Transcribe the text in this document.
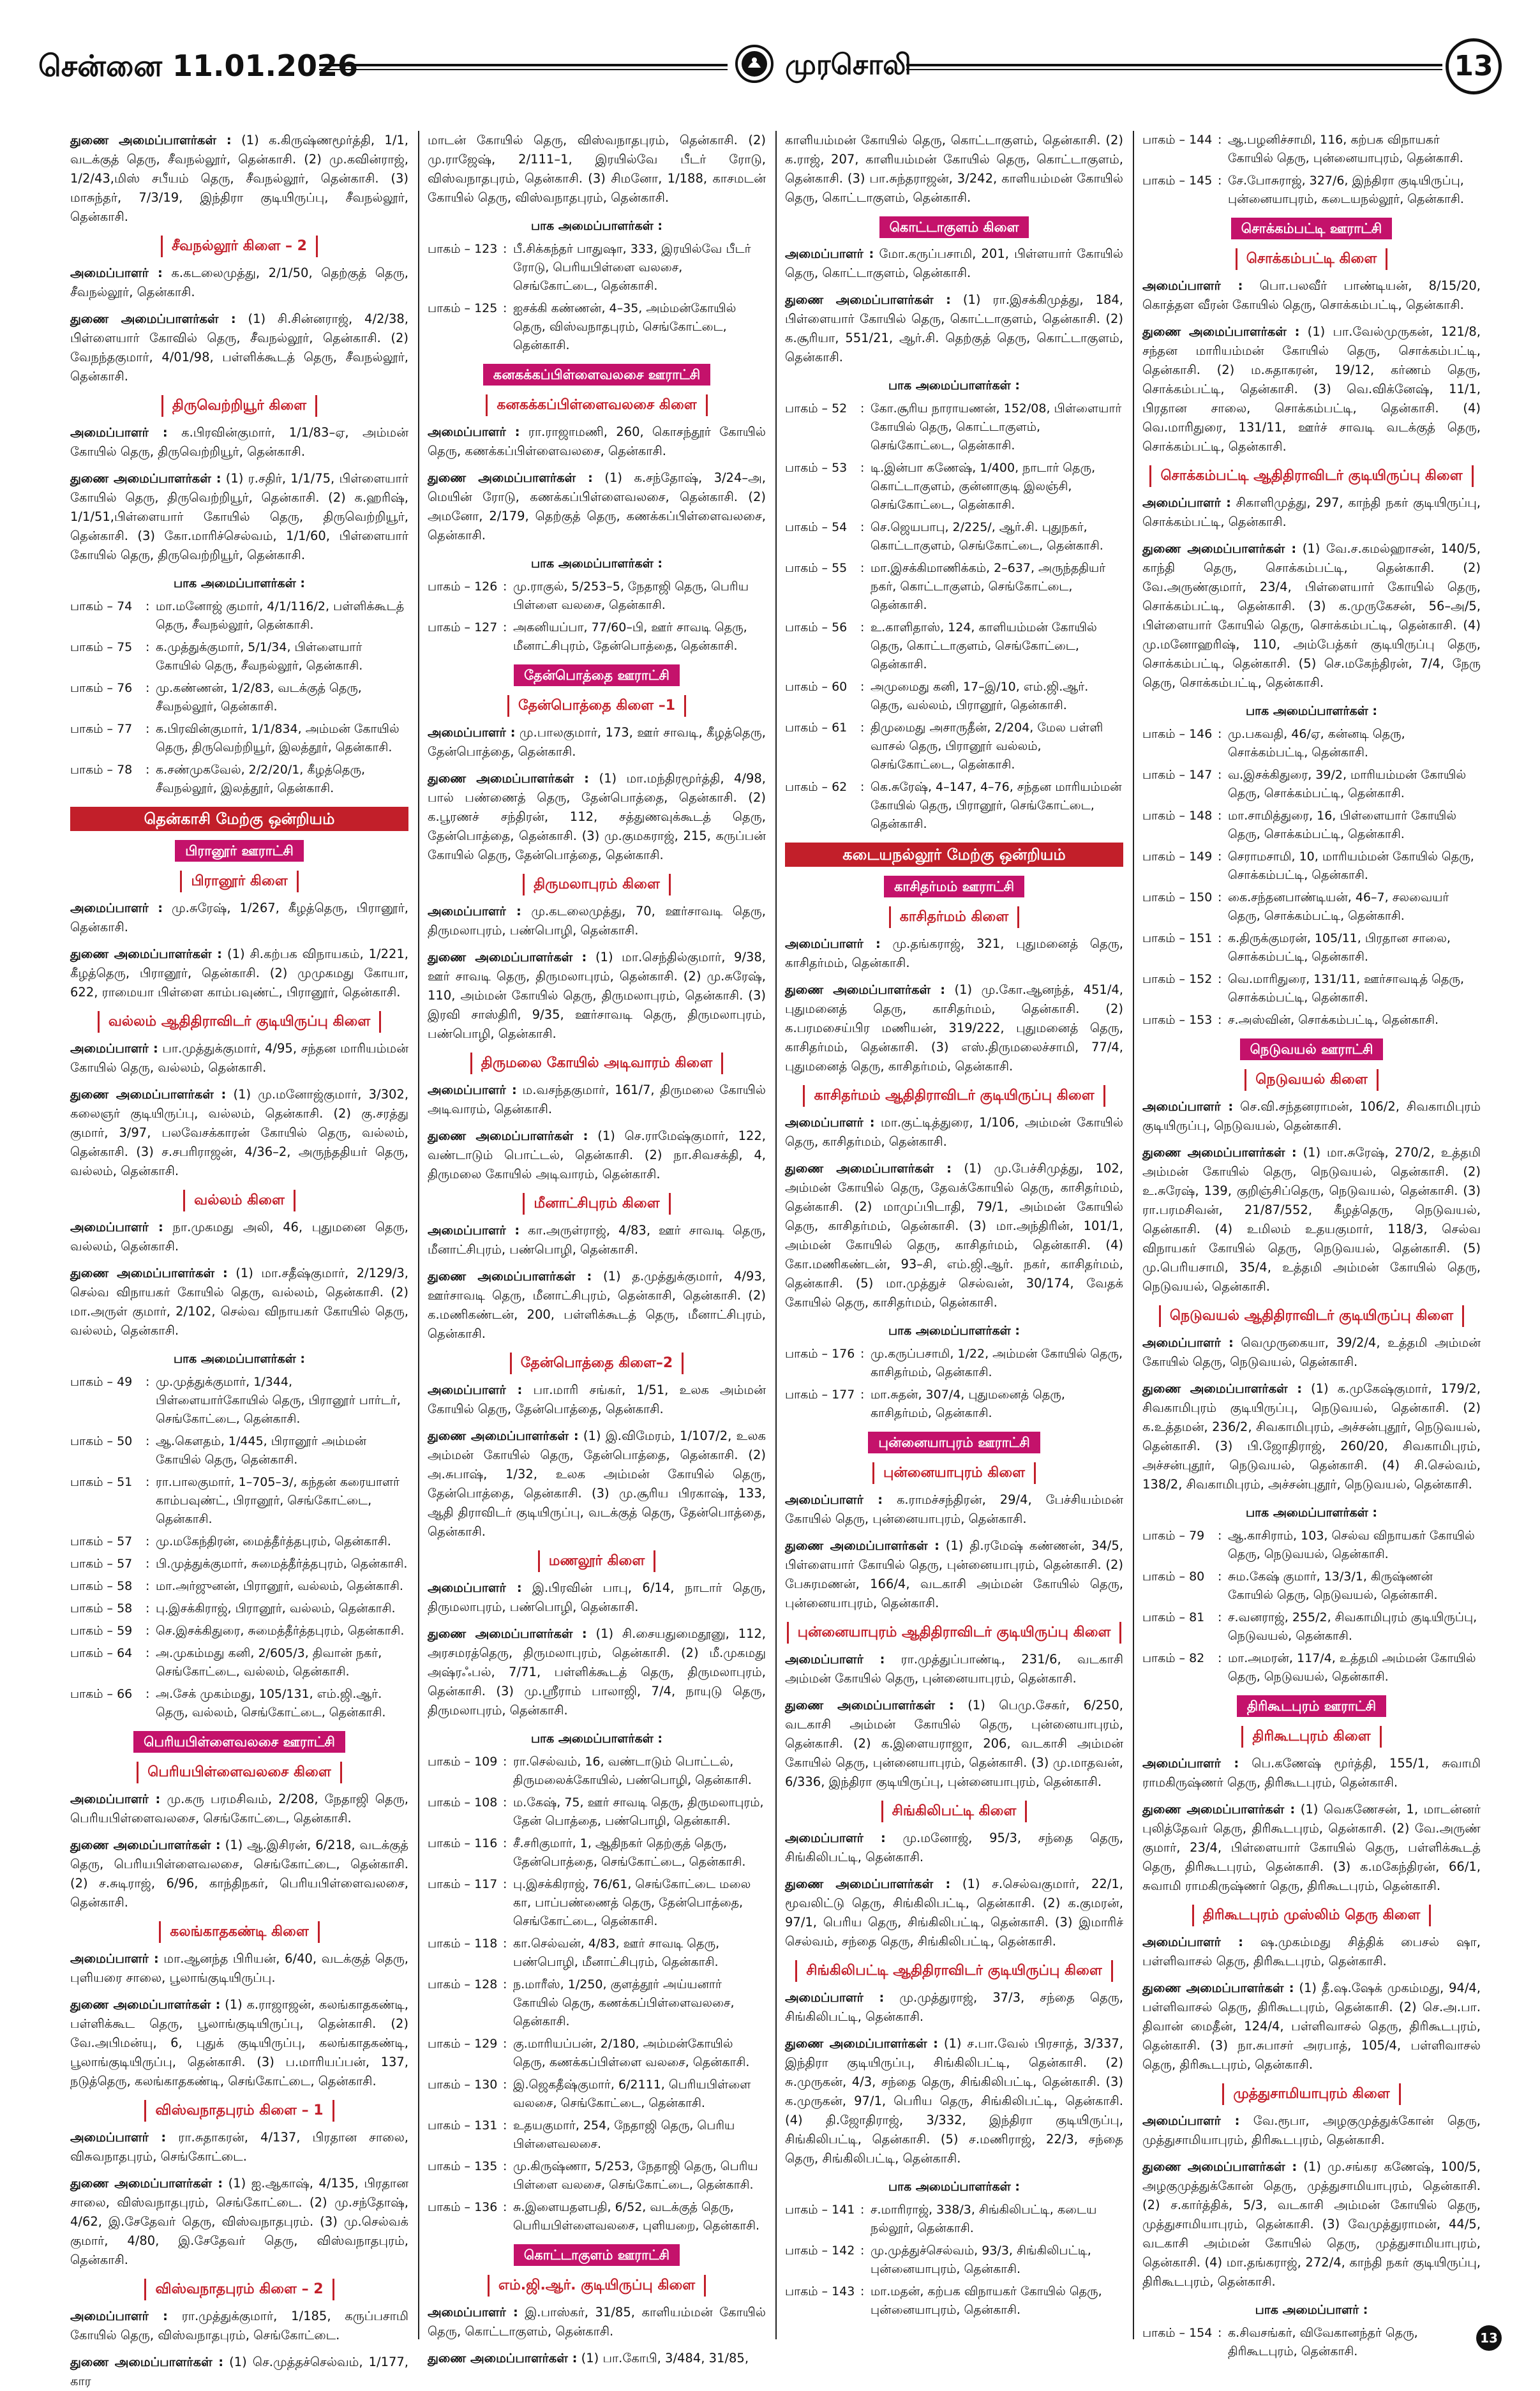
சென்னை 11.01.2026	முரசொலி	13
துணை அமைப்பாளர்கள் : (1) க.கிருஷ்ணமூர்த்தி, 1/1, வடக்குத் தெரு, சீவநல்லூர், தென்காசி. (2) மு.கவின்ராஜ், 1/2/43,மிஸ் சபீயம் தெரு, சீவநல்லூர், தென்காசி. (3) மாசுந்தர், 7/3/19, இந்திரா குடியிருப்பு, சீவநல்லூர், தென்காசி.
சீவநல்லூர் கிளை – 2
அமைப்பாளர் : க.கடலைமுத்து, 2/1/50, தெற்குத் தெரு, சீவநல்லூர், தென்காசி.
துணை அமைப்பாளர்கள் : (1) சி.சின்னராஜ், 4/2/38, பிள்ளையார் கோவில் தெரு, சீவநல்லூர், தென்காசி. (2) வேநந்தகுமார், 4/01/98, பள்ளிக்கூடத் தெரு, சீவநல்லூர், தென்காசி.
திருவெற்றியூர் கிளை
அமைப்பாளர் : க.பிரவின்குமார், 1/1/83–ஏ, அம்மன் கோயில் தெரு, திருவெற்றியூர், தென்காசி.
துணை அமைப்பாளர்கள் : (1) ர.சதிர், 1/1/75, பிள்ளையார் கோயில் தெரு, திருவெற்றியூர், தென்காசி. (2) க.ஹரிஷ், 1/1/51,பிள்ளையார் கோயில் தெரு, திருவெற்றியூர், தென்காசி. (3) கோ.மாரிச்செல்வம், 1/1/60, பிள்ளையார் கோயில் தெரு, திருவெற்றியூர், தென்காசி.
பாக அமைப்பாளர்கள் :
பாகம் – 74	: மா.மனோஜ் குமார், 4/1/116/2, பள்ளிக்கூடத் தெரு, சீவநல்லூர், தென்காசி.
பாகம் – 75	: க.முத்துக்குமார், 5/1/34, பிள்ளையார் கோயில் தெரு, சீவநல்லூர், தென்காசி.
பாகம் – 76	: மு.கண்ணன், 1/2/83, வடக்குத் தெரு, சீவநல்லூர், தென்காசி.
பாகம் – 77	: க.பிரவின்குமார், 1/1/834, அம்மன் கோயில் தெரு, திருவெற்றியூர், இலத்தூர், தென்காசி.
பாகம் – 78	: க.சண்முகவேல், 2/2/20/1, கீழத்தெரு, சீவநல்லூர், இலத்தூர், தென்காசி.
தென்காசி மேற்கு ஒன்றியம்
பிரானூர் ஊராட்சி
பிரானூர் கிளை
அமைப்பாளர் : மு.சுரேஷ், 1/267, கீழத்தெரு, பிரானூர், தென்காசி.
துணை அமைப்பாளர்கள் : (1) சி.கற்பக விநாயகம், 1/221, கீழத்தெரு, பிரானூர், தென்காசி. (2) முமுகமது கோயா, 622, ராமையா பிள்ளை காம்பவுண்ட், பிரானூர், தென்காசி.
வல்லம் ஆதிதிராவிடர் குடியிருப்பு கிளை
அமைப்பாளர் : பா.முத்துக்குமார், 4/95, சந்தன மாரியம்மன் கோயில் தெரு, வல்லம், தென்காசி.
துணை அமைப்பாளர்கள் : (1) மு.மனோஜ்குமார், 3/302, கலைஞர் குடியிருப்பு, வல்லம், தென்காசி. (2) கு.சரத்து குமார், 3/97, பலவேசக்காரன் கோயில் தெரு, வல்லம், தென்காசி. (3) ச.சபரிராஜன், 4/36–2, அருந்ததியர் தெரு, வல்லம், தென்காசி.
வல்லம் கிளை
அமைப்பாளர் : நா.முகமது அலி, 46, புதுமனை தெரு, வல்லம், தென்காசி.
துணை அமைப்பாளர்கள் : (1) மா.சதீஷ்குமார், 2/129/3, செல்வ விநாயகர் கோயில் தெரு, வல்லம், தென்காசி. (2) மா.அருள் குமார், 2/102, செல்வ விநாயகர் கோயில் தெரு, வல்லம், தென்காசி.
பாக அமைப்பாளர்கள் :
பாகம் – 49	: மு.முத்துக்குமார், 1/344, பிள்ளையார்கோயில் தெரு, பிரானூர் பார்டர், செங்கோட்டை, தென்காசி.
பாகம் – 50	: ஆ.கௌதம், 1/445, பிரானூர் அம்மன் கோயில் தெரு, தென்காசி.
பாகம் – 51	: ரா.பாலகுமார், 1–705–3/, கந்தன் கரையாளர் காம்பவுண்ட், பிரானூர், செங்கோட்டை, தென்காசி.
பாகம் – 57	: மு.மகேந்திரன், மைத்தீர்த்தபுரம், தென்காசி.
பாகம் – 57	: பி.முத்துக்குமார், சுமைத்தீர்த்தபுரம், தென்காசி.
பாகம் – 58	: மா.அர்ஜுனன், பிரானூர், வல்லம், தென்காசி.
பாகம் – 58	: பு.இசக்கிராஜ், பிரானூர், வல்லம், தென்காசி.
பாகம் – 59	: செ.இசக்கிதுரை, சுமைத்தீர்த்தபுரம், தென்காசி.
பாகம் – 64	: அ.முகம்மது கனி, 2/605/3, திவான் நகர், செங்கோட்டை, வல்லம், தென்காசி.
பாகம் – 66	: அ.சேக் முகம்மது, 105/131, எம்.ஜி.ஆர். தெரு, வல்லம், செங்கோட்டை, தென்காசி.
பெரியபிள்ளைவலசை ஊராட்சி
பெரியபிள்ளைவலசை கிளை
அமைப்பாளர் : மு.கரு பரமசிவம், 2/208, நேதாஜி தெரு, பெரியபிள்ளைவலசை, செங்கோட்டை, தென்காசி.
துணை அமைப்பாளர்கள் : (1) ஆ.இசிரன், 6/218, வடக்குத் தெரு, பெரியபிள்ளைவலசை, செங்கோட்டை, தென்காசி. (2) ச.சுடிராஜ், 6/96, காந்திநகர், பெரியபிள்ளைவலசை, தென்காசி.
கலங்காதகண்டி கிளை
அமைப்பாளர் : மா.ஆனந்த பிரியன், 6/40, வடக்குத் தெரு, புளியரை சாலை, பூலாங்குடியிருப்பு.
துணை அமைப்பாளர்கள் : (1) க.ராஜாஜன், கலங்காதகண்டி, பள்ளிக்கூட தெரு, பூலாங்குடியிருப்பு, தென்காசி. (2) வே.அபிமன்யு, 6, புதுக் குடியிருப்பு, கலங்காதகண்டி, பூலாங்குடியிருப்பு, தென்காசி. (3) ப.மாரியப்பன், 137, நடுத்தெரு, கலங்காதகண்டி, செங்கோட்டை, தென்காசி.
விஸ்வநாதபுரம் கிளை – 1
அமைப்பாளர் : ரா.சுதாகரன், 4/137, பிரதான சாலை, விசுவநாதபுரம், செங்கோட்டை.
துணை அமைப்பாளர்கள் : (1) ஐ.ஆகாஷ், 4/135, பிரதான சாலை, விஸ்வநாதபுரம், செங்கோட்டை. (2) மு.சந்தோஷ், 4/62, இ.சேதேவர் தெரு, விஸ்வநாதபுரம். (3) மு.செல்வக் குமார், 4/80, இ.சேதேவர் தெரு, விஸ்வநாதபுரம், தென்காசி.
விஸ்வநாதபுரம் கிளை – 2
அமைப்பாளர் : ரா.முத்துக்குமார், 1/185, கருப்பசாமி கோயில் தெரு, விஸ்வநாதபுரம், செங்கோட்டை.
துணை அமைப்பாளர்கள் : (1) செ.முத்தச்செல்வம், 1/177, கார
மாடன் கோயில் தெரு, விஸ்வநாதபுரம், தென்காசி. (2) மு.ராஜேஷ், 2/111–1, இரயில்வே பீடர் ரோடு, விஸ்வநாதபுரம், தென்காசி. (3) சிமனோ, 1/188, காசமடன் கோயில் தெரு, விஸ்வநாதபுரம், தென்காசி.
பாக அமைப்பாளர்கள் :
பாகம் – 123 : பீ.சிக்கந்தர் பாதுஷா, 333, இரயில்வே பீடர் ரோடு, பெரியபிள்ளை வலசை, செங்கோட்டை, தென்காசி.
பாகம் – 125 : ஐசக்கி கண்ணன், 4–35, அம்மன்கோயில் தெரு, விஸ்வநாதபுரம், செங்கோட்டை, தென்காசி.
கனகக்கப்பிள்ளைவலசை ஊராட்சி
கனகக்கப்பிள்ளைவலசை கிளை
அமைப்பாளர் : ரா.ராஜாமணி, 260, கொசந்தூர் கோயில் தெரு, கணக்கப்பிள்ளைவலசை, தென்காசி.
துணை அமைப்பாளர்கள் : (1) க.சந்தோஷ், 3/24–அ, மெயின் ரோடு, கணக்கப்பிள்ளைவலசை, தென்காசி. (2) அமனோ, 2/179, தெற்குத் தெரு, கணக்கப்பிள்ளைவலசை, தென்காசி.
பாக அமைப்பாளர்கள் :
பாகம் – 126 : மு.ராகுல், 5/253–5, நேதாஜி தெரு, பெரிய பிள்ளை வலசை, தென்காசி.
பாகம் – 127 : அகனியப்பா, 77/60–பி, ஊர் சாவடி தெரு, மீனாட்சிபுரம், தேன்பொத்தை, தென்காசி.
தேன்பொத்தை ஊராட்சி
தேன்பொத்தை கிளை –1
அமைப்பாளர் : மு.பாலகுமார், 173, ஊர் சாவடி, கீழத்தெரு, தேன்பொத்தை, தென்காசி.
துணை அமைப்பாளர்கள் : (1) மா.மந்திரமூர்த்தி, 4/98, பால் பண்ணைத் தெரு, தேன்பொத்தை, தென்காசி. (2) க.பூரணச் சந்திரன், 112, சத்துணவுக்கூடத் தெரு, தேன்பொத்தை, தென்காசி. (3) மு.குமகராஜ், 215, கருப்பன் கோயில் தெரு, தேன்பொத்தை, தென்காசி.
திருமலாபுரம் கிளை
அமைப்பாளர் : மு.கடலைமுத்து, 70, ஊர்சாவடி தெரு, திருமலாபுரம், பண்பொழி, தென்காசி.
துணை அமைப்பாளர்கள் : (1) மா.செந்தில்குமார், 9/38, ஊர் சாவடி தெரு, திருமலாபுரம், தென்காசி. (2) மு.சுரேஷ், 110, அம்மன் கோயில் தெரு, திருமலாபுரம், தென்காசி. (3) இரவி சாஸ்திரி, 9/35, ஊர்சாவடி தெரு, திருமலாபுரம், பண்பொழி, தென்காசி.
திருமலை கோயில் அடிவாரம் கிளை
அமைப்பாளர் : ம.வசந்தகுமார், 161/7, திருமலை கோயில் அடிவாரம், தென்காசி.
துணை அமைப்பாளர்கள் : (1) செ.ராமேஷ்குமார், 122, வண்டாடும் பொட்டல், தென்காசி. (2) நா.சிவசக்தி, 4, திருமலை கோயில் அடிவாரம், தென்காசி.
மீனாட்சிபுரம் கிளை
அமைப்பாளர் : கா.அருள்ராஜ், 4/83, ஊர் சாவடி தெரு, மீனாட்சிபுரம், பண்பொழி, தென்காசி.
துணை அமைப்பாளர்கள் : (1) த.முத்துக்குமார், 4/93, ஊர்சாவடி தெரு, மீனாட்சிபுரம், தென்காசி, தென்காசி. (2) க.மணிகண்டன், 200, பள்ளிக்கூடத் தெரு, மீனாட்சிபுரம், தென்காசி.
தேன்பொத்தை கிளை–2
அமைப்பாளர் : பா.மாரி சங்கர், 1/51, உலக அம்மன் கோயில் தெரு, தேன்பொத்தை, தென்காசி.
துணை அமைப்பாளர்கள் : (1) இ.விமேரம், 1/107/2, உலக அம்மன் கோயில் தெரு, தேன்பொத்தை, தென்காசி. (2) அ.சுபாஷ், 1/32, உலக அம்மன் கோயில் தெரு, தேன்பொத்தை, தென்காசி. (3) மு.சூரிய பிரகாஷ், 133, ஆதி திராவிடர் குடியிருப்பு, வடக்குத் தெரு, தேன்பொத்தை, தென்காசி.
மணலூர் கிளை
அமைப்பாளர் : இ.பிரவின் பாபு, 6/14, நாடார் தெரு, திருமலாபுரம், பண்பொழி, தென்காசி.
துணை அமைப்பாளர்கள் : (1) சி.சையதுமைதூனு, 112, அரசமரத்தெரு, திருமலாபுரம், தென்காசி. (2) மீ.முகமது அஷ்ரஃபல், 7/71, பள்ளிக்கூடத் தெரு, திருமலாபுரம், தென்காசி. (3) மு.ஸ்ரீராம் பாலாஜி, 7/4, நாயுடு தெரு, திருமலாபுரம், தென்காசி.
பாக அமைப்பாளர்கள் :
பாகம் – 109 : ரா.செல்வம், 16, வண்டாடும் பொட்டல், திருமலைக்கோயில், பண்பொழி, தென்காசி.
பாகம் – 108 : ம.கேஷ், 75, ஊர் சாவடி தெரு, திருமலாபுரம், தேன் பொத்தை, பண்பொழி, தென்காசி.
பாகம் – 116 : சீ.சரிகுமார், 1, ஆதிநகர் தெற்குத் தெரு, தேன்பொத்தை, செங்கோட்டை, தென்காசி.
பாகம் – 117 : பு.இசக்கிராஜ், 76/61, செங்கோட்டை மலை கா, பாப்பண்ணைத் தெரு, தேன்பொத்தை, செங்கோட்டை, தென்காசி.
பாகம் – 118 : கா.செல்வன், 4/83, ஊர் சாவடி தெரு, பண்பொழி, மீனாட்சிபுரம், தென்காசி.
பாகம் – 128 : ந.மாரீஸ், 1/250, குளத்தூர் அய்யனார் கோயில் தெரு, கணக்கப்பிள்ளைவலசை, தென்காசி.
பாகம் – 129 : கு.மாரியப்பன், 2/180, அம்மன்கோயில் தெரு, கணக்கப்பிள்ளை வலசை, தென்காசி.
பாகம் – 130 : இ.ஜெகதீஷ்குமார், 6/2111, பெரியபிள்ளை வலசை, செங்கோட்டை, தென்காசி.
பாகம் – 131 : உதயகுமார், 254, நேதாஜி தெரு, பெரிய பிள்ளைவலசை.
பாகம் – 135 : மு.கிருஷ்ணா, 5/253, நேதாஜி தெரு, பெரிய பிள்ளை வலசை, செங்கோட்டை, தென்காசி.
பாகம் – 136 : சு.இளையதளபதி, 6/52, வடக்குத் தெரு, பெரியபிள்ளைவலசை, புளியறை, தென்காசி.
கொட்டாகுளம் ஊராட்சி
எம்.ஜி.ஆர். குடியிருப்பு கிளை
அமைப்பாளர் : இ.பாஸ்கர், 31/85, காளியம்மன் கோயில் தெரு, கொட்டாகுளம், தென்காசி.
துணை அமைப்பாளர்கள் : (1) பா.கோபி, 3/484, 31/85,
காளியம்மன் கோயில் தெரு, கொட்டாகுளம், தென்காசி. (2) க.ராஜ், 207, காளியம்மன் கோயில் தெரு, கொட்டாகுளம், தென்காசி. (3) பா.சுந்தராஜன், 3/242, காளியம்மன் கோயில் தெரு, கொட்டாகுளம், தென்காசி.
கொட்டாகுளம் கிளை
அமைப்பாளர் : மோ.கருப்பசாமி, 201, பிள்ளயார் கோயில் தெரு, கொட்டாகுளம், தென்காசி.
துணை அமைப்பாளர்கள் : (1) ரா.இசக்கிமுத்து, 184, பிள்ளையார் கோயில் தெரு, கொட்டாகுளம், தென்காசி. (2) க.சூரியா, 551/21, ஆர்.சி. தெற்குத் தெரு, கொட்டாகுளம், தென்காசி.
பாக அமைப்பாளர்கள் :
பாகம் – 52	: கோ.சூரிய நாராயணன், 152/08, பிள்ளையார் கோயில் தெரு, கொட்டாகுளம், செங்கோட்டை, தென்காசி.
பாகம் – 53	: டி.இன்பா கணேஷ், 1/400, நாடார் தெரு, கொட்டாகுளம், குன்னாகுடி இலஞ்சி, செங்கோட்டை, தென்காசி.
பாகம் – 54	: செ.ஜெயபாபு, 2/225/, ஆர்.சி. புதுநகர், கொட்டாகுளம், செங்கோட்டை, தென்காசி.
பாகம் – 55	: மா.இசக்கிமாணிக்கம், 2–637, அருந்ததியர் நகர், கொட்டாகுளம், செங்கோட்டை, தென்காசி.
பாகம் – 56	: உ.காளிதாஸ், 124, காளியம்மன் கோயில் தெரு, கொட்டாகுளம், செங்கோட்டை, தென்காசி.
பாகம் – 60	: அமுமைது கனி, 17–இ/10, எம்.ஜி.ஆர். தெரு, வல்லம், பிரானூர், தென்காசி.
பாகம் – 61	: திமுமைது அசாருதீன், 2/204, மேல பள்ளி வாசல் தெரு, பிரானூர் வல்லம், செங்கோட்டை, தென்காசி.
பாகம் – 62	: கெ.சுரேஷ், 4–147, 4–76, சந்தன மாரியம்மன் கோயில் தெரு, பிரானூர், செங்கோட்டை, தென்காசி.
கடையநல்லூர் மேற்கு ஒன்றியம்
காசிதர்மம் ஊராட்சி
காசிதர்மம் கிளை
அமைப்பாளர் : மு.தங்கராஜ், 321, புதுமனைத் தெரு, காசிதர்மம், தென்காசி.
துணை அமைப்பாளர்கள் : (1) மு.கோ.ஆனந்த், 451/4, புதுமனைத் தெரு, காசிதர்மம், தென்காசி. (2) க.பரமசைய்பிர மணியன், 319/222, புதுமனைத் தெரு, காசிதர்மம், தென்காசி. (3) எஸ்.திருமலைச்சாமி, 77/4, புதுமனைத் தெரு, காசிதர்மம், தென்காசி.
காசிதர்மம் ஆதிதிராவிடர் குடியிருப்பு கிளை
அமைப்பாளர் : மா.குட்டித்துரை, 1/106, அம்மன் கோயில் தெரு, காசிதர்மம், தென்காசி.
துணை அமைப்பாளர்கள் : (1) மு.பேச்சிமுத்து, 102, அம்மன் கோயில் தெரு, தேவக்கோயில் தெரு, காசிதர்மம், தென்காசி. (2) மாமுப்பிடாதி, 79/1, அம்மன் கோயில் தெரு, காசிதர்மம், தென்காசி. (3) மா.அந்திரின், 101/1, அம்மன் கோயில் தெரு, காசிதர்மம், தென்காசி. (4) கோ.மணிகண்டன், 93–சி, எம்.ஜி.ஆர். நகர், காசிதர்மம், தென்காசி. (5) மா.முத்துச் செல்வன், 30/174, வேதக் கோயில் தெரு, காசிதர்மம், தென்காசி.
பாக அமைப்பாளர்கள் :
பாகம் – 176 : மு.கருப்பசாமி, 1/22, அம்மன் கோயில் தெரு, காசிதர்மம், தென்காசி.
பாகம் – 177 : மா.சுதன், 307/4, புதுமனைத் தெரு, காசிதர்மம், தென்காசி.
புன்னையாபுரம் ஊராட்சி
புன்னையாபுரம் கிளை
அமைப்பாளர் : க.ராமச்சந்திரன், 29/4, பேச்சியம்மன் கோயில் தெரு, புன்னையாபுரம், தென்காசி.
துணை அமைப்பாளர்கள் : (1) தி.ரமேஷ் கண்ணன், 34/5, பிள்ளையார் கோயில் தெரு, புன்னையாபுரம், தென்காசி. (2) பேசுரமணன், 166/4, வடகாசி அம்மன் கோயில் தெரு, புன்னையாபுரம், தென்காசி.
புன்னையாபுரம் ஆதிதிராவிடர் குடியிருப்பு கிளை
அமைப்பாளர் : ரா.முத்துப்பாண்டி, 231/6, வடகாசி அம்மன் கோயில் தெரு, புன்னையாபுரம், தென்காசி.
துணை அமைப்பாளர்கள் : (1) பெமு.சேகர், 6/250, வடகாசி அம்மன் கோயில் தெரு, புன்னையாபுரம், தென்காசி. (2) க.இளையராஜா, 206, வடகாசி அம்மன் கோயில் தெரு, புன்னையாபுரம், தென்காசி. (3) மு.மாதவன், 6/336, இந்திரா குடியிருப்பு, புன்னையாபுரம், தென்காசி.
சிங்கிலிபட்டி கிளை
அமைப்பாளர் : மு.மனோஜ், 95/3, சந்தை தெரு, சிங்கிலிபட்டி, தென்காசி.
துணை அமைப்பாளர்கள் : (1) ச.செல்வகுமார், 22/1, மூவலிட்டு தெரு, சிங்கிலிபட்டி, தென்காசி. (2) க.குமரன், 97/1, பெரிய தெரு, சிங்கிலிபட்டி, தென்காசி. (3) இமாரிச் செல்வம், சந்தை தெரு, சிங்கிலிபட்டி, தென்காசி.
சிங்கிலிபட்டி ஆதிதிராவிடர் குடியிருப்பு கிளை
அமைப்பாளர் : மு.முத்துராஜ், 37/3, சந்தை தெரு, சிங்கிலிபட்டி, தென்காசி.
துணை அமைப்பாளர்கள் : (1) ச.பா.வேல் பிரசாத், 3/337, இந்திரா குடியிருப்பு, சிங்கிலிபட்டி, தென்காசி. (2) சு.முருகன், 4/3, சந்தை தெரு, சிங்கிலிபட்டி, தென்காசி. (3) க.முருகன், 97/1, பெரிய தெரு, சிங்கிலிபட்டி, தென்காசி. (4) தி.ஜோதிராஜ், 3/332, இந்திரா குடியிருப்பு, சிங்கிலிபட்டி, தென்காசி. (5) ச.மணிராஜ், 22/3, சந்தை தெரு, சிங்கிலிபட்டி, தென்காசி.
பாக அமைப்பாளர்கள் :
பாகம் – 141 : ச.மாரிராஜ், 338/3, சிங்கிலிபட்டி, கடைய நல்லூர், தென்காசி.
பாகம் – 142 : மு.முத்துச்செல்வம், 93/3, சிங்கிலிபட்டி, புன்னையாபுரம், தென்காசி.
பாகம் – 143 : மா.மதன், கற்பக விநாயகர் கோயில் தெரு, புன்னையாபுரம், தென்காசி.
பாகம் – 144 : ஆ.பழனிச்சாமி, 116, கற்பக விநாயகர் கோயில் தெரு, புன்னையாபுரம், தென்காசி.
பாகம் – 145 : சே.போசுராஜ், 327/6, இந்திரா குடியிருப்பு, புன்னையாபுரம், கடையநல்லூர், தென்காசி.
சொக்கம்பட்டி ஊராட்சி
சொக்கம்பட்டி கிளை
அமைப்பாளர் : பொ.பலவீர் பாண்டியன், 8/15/20, கொத்தள வீரன் கோயில் தெரு, சொக்கம்பட்டி, தென்காசி.
துணை அமைப்பாளர்கள் : (1) பா.வேல்முருகன், 121/8, சந்தன மாரியம்மன் கோயில் தெரு, சொக்கம்பட்டி, தென்காசி. (2) ம.சுதாகரன், 19/12, கர்ணம் தெரு, சொக்கம்பட்டி, தென்காசி. (3) வெ.விக்னேஷ், 11/1, பிரதான சாலை, சொக்கம்பட்டி, தென்காசி. (4) வெ.மாரிதுரை, 131/11, ஊர்ச் சாவடி வடக்குத் தெரு, சொக்கம்பட்டி, தென்காசி.
சொக்கம்பட்டி ஆதிதிராவிடர் குடியிருப்பு கிளை
அமைப்பாளர் : சிகாளிமுத்து, 297, காந்தி நகர் குடியிருப்பு, சொக்கம்பட்டி, தென்காசி.
துணை அமைப்பாளர்கள் : (1) வே.ச.கமல்ஹாசன், 140/5, காந்தி தெரு, சொக்கம்பட்டி, தென்காசி. (2) வே.அருண்குமார், 23/4, பிள்ளையார் கோயில் தெரு, சொக்கம்பட்டி, தென்காசி. (3) க.முருகேசன், 56–அ/5, பிள்ளையார் கோயில் தெரு, சொக்கம்பட்டி, தென்காசி. (4) மு.மனோஹரிஷ், 110, அம்பேத்கர் குடியிருப்பு தெரு, சொக்கம்பட்டி, தென்காசி. (5) செ.மகேந்திரன், 7/4, நேரு தெரு, சொக்கம்பட்டி, தென்காசி.
பாக அமைப்பாளர்கள் :
பாகம் – 146 : மு.பகவதி, 46/ஏ, கன்னடி தெரு, சொக்கம்பட்டி, தென்காசி.
பாகம் – 147 : வ.இசக்கிதுரை, 39/2, மாரியம்மன் கோயில் தெரு, சொக்கம்பட்டி, தென்காசி.
பாகம் – 148 : மா.சாமித்துரை, 16, பிள்ளையார் கோயில் தெரு, சொக்கம்பட்டி, தென்காசி.
பாகம் – 149 : செராமசாமி, 10, மாரியம்மன் கோயில் தெரு, சொக்கம்பட்டி, தென்காசி.
பாகம் – 150 : கை.சந்தனபாண்டியன், 46–7, சலவையர் தெரு, சொக்கம்பட்டி, தென்காசி.
பாகம் – 151 : க.திருக்குமரன், 105/11, பிரதான சாலை, சொக்கம்பட்டி, தென்காசி.
பாகம் – 152 : வெ.மாரிதுரை, 131/11, ஊர்சாவடித் தெரு, சொக்கம்பட்டி, தென்காசி.
பாகம் – 153 : ச.அஸ்வின், சொக்கம்பட்டி, தென்காசி.
நெடுவயல் ஊராட்சி
நெடுவயல் கிளை
அமைப்பாளர் : செ.வி.சந்தனராமன், 106/2, சிவகாமிபுரம் குடியிருப்பு, நெடுவயல், தென்காசி.
துணை அமைப்பாளர்கள் : (1) மா.சுரேஷ், 270/2, உத்தமி அம்மன் கோயில் தெரு, நெடுவயல், தென்காசி. (2) உ.சுரேஷ், 139, குறிஞ்சிப்தெரு, நெடுவயல், தென்காசி. (3) ரா.பரமசிவன், 21/87/552, கீழத்தெரு, நெடுவயல், தென்காசி. (4) உமிலம் உதயகுமார், 118/3, செல்வ விநாயகர் கோயில் தெரு, நெடுவயல், தென்காசி. (5) மு.பெரியசாமி, 35/4, உத்தமி அம்மன் கோயில் தெரு, நெடுவயல், தென்காசி.
நெடுவயல் ஆதிதிராவிடர் குடியிருப்பு கிளை
அமைப்பாளர் : வெமுருகையா, 39/2/4, உத்தமி அம்மன் கோயில் தெரு, நெடுவயல், தென்காசி.
துணை அமைப்பாளர்கள் : (1) க.முகேஷ்குமார், 179/2, சிவகாமிபுரம் குடியிருப்பு, நெடுவயல், தென்காசி. (2) க.உத்தமன், 236/2, சிவகாமிபுரம், அச்சன்புதூர், நெடுவயல், தென்காசி. (3) பி.ஜோதிராஜ், 260/20, சிவகாமிபுரம், அச்சன்புதூர், நெடுவயல், தென்காசி. (4) சி.செல்வம், 138/2, சிவகாமிபுரம், அச்சன்புதூர், நெடுவயல், தென்காசி.
பாக அமைப்பாளர்கள் :
பாகம் – 79	: ஆ.காசிராம், 103, செல்வ விநாயகர் கோயில் தெரு, நெடுவயல், தென்காசி.
பாகம் – 80	: சும.கேஷ் குமார், 13/3/1, கிருஷ்ணன் கோயில் தெரு, நெடுவயல், தென்காசி.
பாகம் – 81	: ச.வனராஜ், 255/2, சிவகாமிபுரம் குடியிருப்பு, நெடுவயல், தென்காசி.
பாகம் – 82	: மா.அமரன், 117/4, உத்தமி அம்மன் கோயில் தெரு, நெடுவயல், தென்காசி.
திரிகூடபுரம் ஊராட்சி
திரிகூடபுரம் கிளை
அமைப்பாளர் : பெ.கணேஷ் மூர்த்தி, 155/1, சுவாமி ராமகிருஷ்ணர் தெரு, திரிகூடபுரம், தென்காசி.
துணை அமைப்பாளர்கள் : (1) வெகணேசன், 1, மாடன்னர் புலித்தேவர் தெரு, திரிகூடபுரம், தென்காசி. (2) வே.அருண் குமார், 23/4, பிள்ளையார் கோயில் தெரு, பள்ளிக்கூடத் தெரு, திரிகூடபுரம், தென்காசி. (3) க.மகேந்திரன், 66/1, சுவாமி ராமகிருஷ்ணர் தெரு, திரிகூடபுரம், தென்காசி.
திரிகூடபுரம் முஸ்லிம் தெரு கிளை
அமைப்பாளர் : ஷ.முகம்மது சித்திக் பைசல் ஷா, பள்ளிவாசல் தெரு, திரிகூடபுரம், தென்காசி.
துணை அமைப்பாளர்கள் : (1) தீ.ஷ.ஷேக் முகம்மது, 94/4, பள்ளிவாசல் தெரு, திரிகூடபுரம், தென்காசி. (2) செ.அ.பா. திவான் மைதீன், 124/4, பள்ளிவாசல் தெரு, திரிகூடபுரம், தென்காசி. (3) நா.சுபாசர் அரபாத், 105/4, பள்ளிவாசல் தெரு, திரிகூடபுரம், தென்காசி.
முத்துசாமியாபுரம் கிளை
அமைப்பாளர் : வே.ரூபா, அழகுமுத்துக்கோன் தெரு, முத்துசாமியாபுரம், திரிகூடபுரம், தென்காசி.
துணை அமைப்பாளர்கள் : (1) மு.சங்கர கணேஷ், 100/5, அழகுமுத்துக்கோன் தெரு, முத்துசாமியாபுரம், தென்காசி. (2) ச.கார்த்திக், 5/3, வடகாசி அம்மன் கோயில் தெரு, முத்துசாமியாபுரம், தென்காசி. (3) வேமுத்துராமன், 44/5, வடகாசி அம்மன் கோயில் தெரு, முத்துசாமியாபுரம், தென்காசி. (4) மா.தங்கராஜ், 272/4, காந்தி நகர் குடியிருப்பு, திரிகூடபுரம், தென்காசி.
பாக அமைப்பாளர் :
பாகம் – 154 : க.சிவசங்கர், விவேகானந்தர் தெரு, திரிகூடபுரம், தென்காசி.
13
